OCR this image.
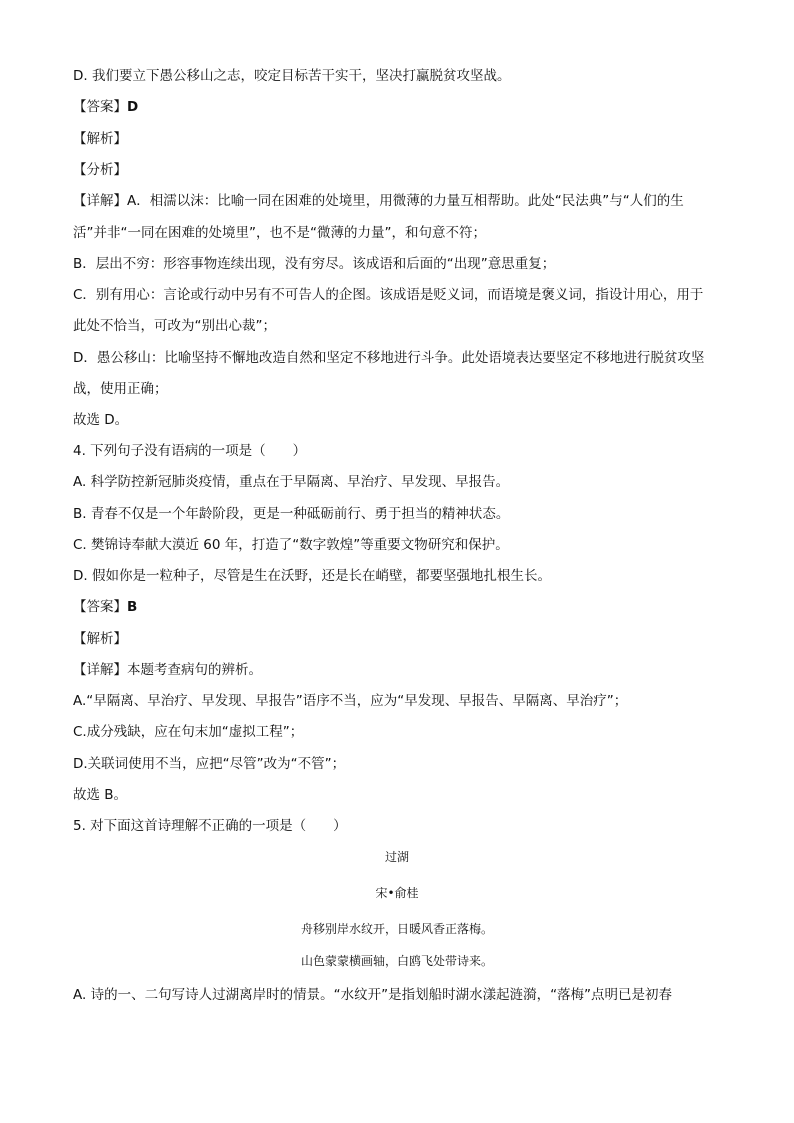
D. 我们要立下愚公移山之志，咬定目标苦干实干，坚决打赢脱贫攻坚战。
【答案】D
【解析】
【分析】
【详解】A．相濡以沫：比喻一同在困难的处境里，用微薄的力量互相帮助。此处“民法典”与“人们的生
活”并非“一同在困难的处境里”，也不是“微薄的力量”，和句意不符；
B．层出不穷：形容事物连续出现，没有穷尽。该成语和后面的“出现”意思重复；
C．别有用心：言论或行动中另有不可告人的企图。该成语是贬义词，而语境是褒义词，指设计用心，用于
此处不恰当，可改为“别出心裁”；
D．愚公移山：比喻坚持不懈地改造自然和坚定不移地进行斗争。此处语境表达要坚定不移地进行脱贫攻坚
战，使用正确；
故选 D。
4. 下列句子没有语病的一项是（　　）
A. 科学防控新冠肺炎疫情，重点在于早隔离、早治疗、早发现、早报告。
B. 青春不仅是一个年龄阶段，更是一种砥砺前行、勇于担当的精神状态。
C. 樊锦诗奉献大漠近 60 年，打造了“数字敦煌”等重要文物研究和保护。
D. 假如你是一粒种子，尽管是生在沃野，还是长在峭壁，都要坚强地扎根生长。
【答案】B
【解析】
【详解】本题考查病句的辨析。
A.“早隔离、早治疗、早发现、早报告”语序不当，应为“早发现、早报告、早隔离、早治疗”；
C.成分残缺，应在句末加“虚拟工程”；
D.关联词使用不当，应把“尽管”改为“不管”；
故选 B。
5. 对下面这首诗理解不正确的一项是（　　）
过湖
宋•俞桂
舟移别岸水纹开，日暖风香正落梅。
山色蒙蒙横画轴，白鸥飞处带诗来。
A. 诗的一、二句写诗人过湖离岸时的情景。“水纹开”是指划船时湖水漾起涟漪，“落梅”点明已是初春
